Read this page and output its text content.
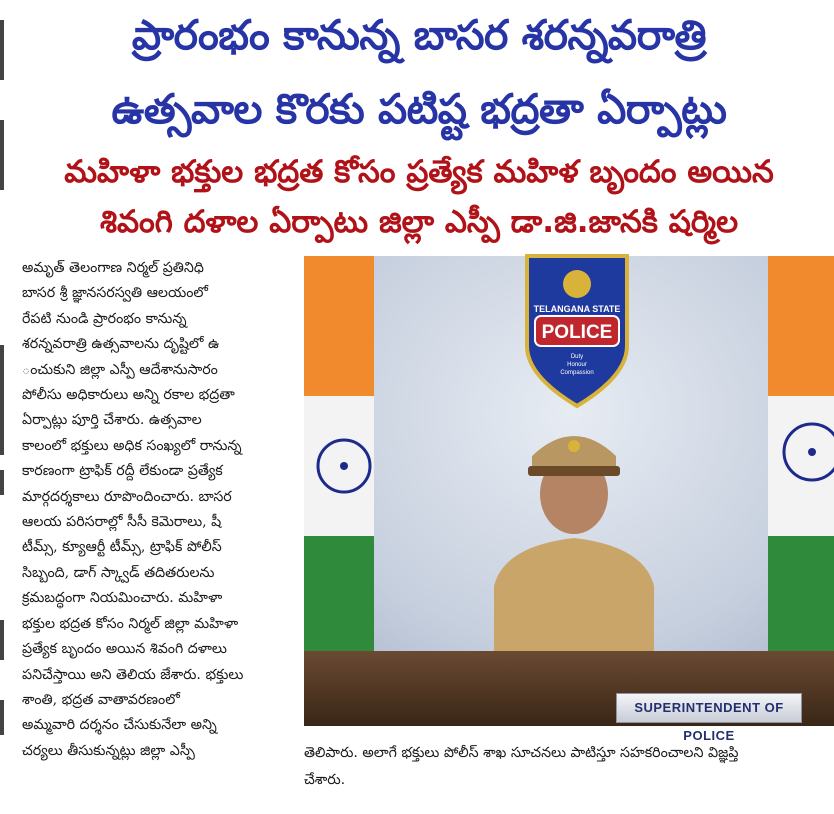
ప్రారంభం కానున్న బాసర శరన్నవరాత్రి
ఉత్సవాల కొరకు పటిష్ట భద్రతా ఏర్పాట్లు
మహిళా భక్తుల భద్రత కోసం ప్రత్యేక మహిళ బృందం అయిన
శివంగి దళాల ఏర్పాటు జిల్లా ఎస్పీ డా.జి.జానకి షర్మిల
అమృత్ తెలంగాణ నిర్మల్ ప్రతినిధి
బాసర శ్రీ జ్ఞానసరస్వతి ఆలయంలో
రేపటి నుండి ప్రారంభం కానున్న
శరన్నవరాత్రి ఉత్సవాలను దృష్టిలో ఉ
ంచుకుని జిల్లా ఎస్పీ ఆదేశానుసారం
పోలీసు అధికారులు అన్ని రకాల భద్రతా
ఏర్పాట్లు పూర్తి చేశారు. ఉత్సవాల
కాలంలో భక్తులు అధిక సంఖ్యలో రానున్న
కారణంగా ట్రాఫిక్ రద్దీ లేకుండా ప్రత్యేక
మార్గదర్శకాలు రూపొందించారు. బాసర
ఆలయ పరిసరాల్లో సీసీ కెమెరాలు, షీ
టీమ్స్, క్యూఆర్టీ టీమ్స్, ట్రాఫిక్ పోలీస్
సిబ్బంది, డాగ్ స్క్వాడ్ తదితరులను
క్రమబద్ధంగా నియమించారు. మహిళా
భక్తుల భద్రత కోసం నిర్మల్ జిల్లా మహిళా
ప్రత్యేక బృందం అయిన శివంగి దళాలు
పనిచేస్తాయి అని తెలియ జేశారు. భక్తులు
శాంతి, భద్రత వాతావరణంలో
అమ్మవారి దర్శనం చేసుకునేలా అన్ని
చర్యలు తీసుకున్నట్లు జిల్లా ఎస్పీ
TELANGANA STATE
POLICE
Duty
Honour
Compassion
SUPERINTENDENT OF POLICE
తెలిపారు. అలాగే భక్తులు పోలీస్ శాఖ సూచనలు పాటిస్తూ సహకరించాలని విజ్ఞప్తి
చేశారు.
